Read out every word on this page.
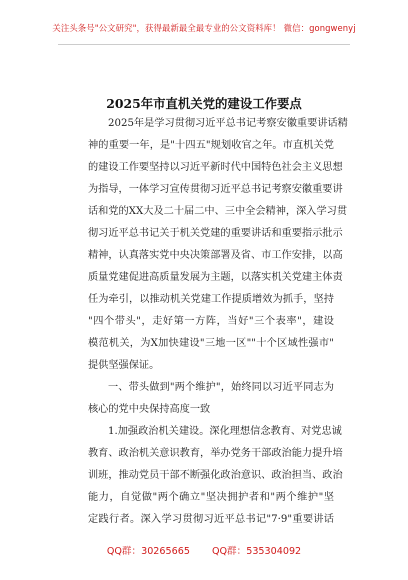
关注头条号"公文研究"，获得最新最全最专业的公文资料库！ 微信：gongwenyj
2025年市直机关党的建设工作要点
2025年是学习贯彻习近平总书记考察安徽重要讲话精
神的重要一年，是"十四五"规划收官之年。市直机关党
的建设工作要坚持以习近平新时代中国特色社会主义思想
为指导，一体学习宣传贯彻习近平总书记考察安徽重要讲
话和党的XX大及二十届二中、三中全会精神，深入学习贯
彻习近平总书记关于机关党建的重要讲话和重要指示批示
精神，认真落实党中央决策部署及省、市工作安排，以高
质量党建促进高质量发展为主题，以落实机关党建主体责
任为牵引，以推动机关党建工作提质增效为抓手，坚持
"四个带头"，走好第一方阵，当好"三个表率"，建设
模范机关，为X加快建设"三地一区""十个区域性强市"
提供坚强保证。
一、带头做到"两个维护"，始终同以习近平同志为
核心的党中央保持高度一致
1.加强政治机关建设。深化理想信念教育、对党忠诚
教育、政治机关意识教育，举办党务干部政治能力提升培
训班，推动党员干部不断强化政治意识、政治担当、政治
能力，自觉做"两个确立"坚决拥护者和"两个维护"坚
定践行者。深入学习贯彻习近平总书记"7·9"重要讲话
QQ群：30265665 QQ群：535304092
